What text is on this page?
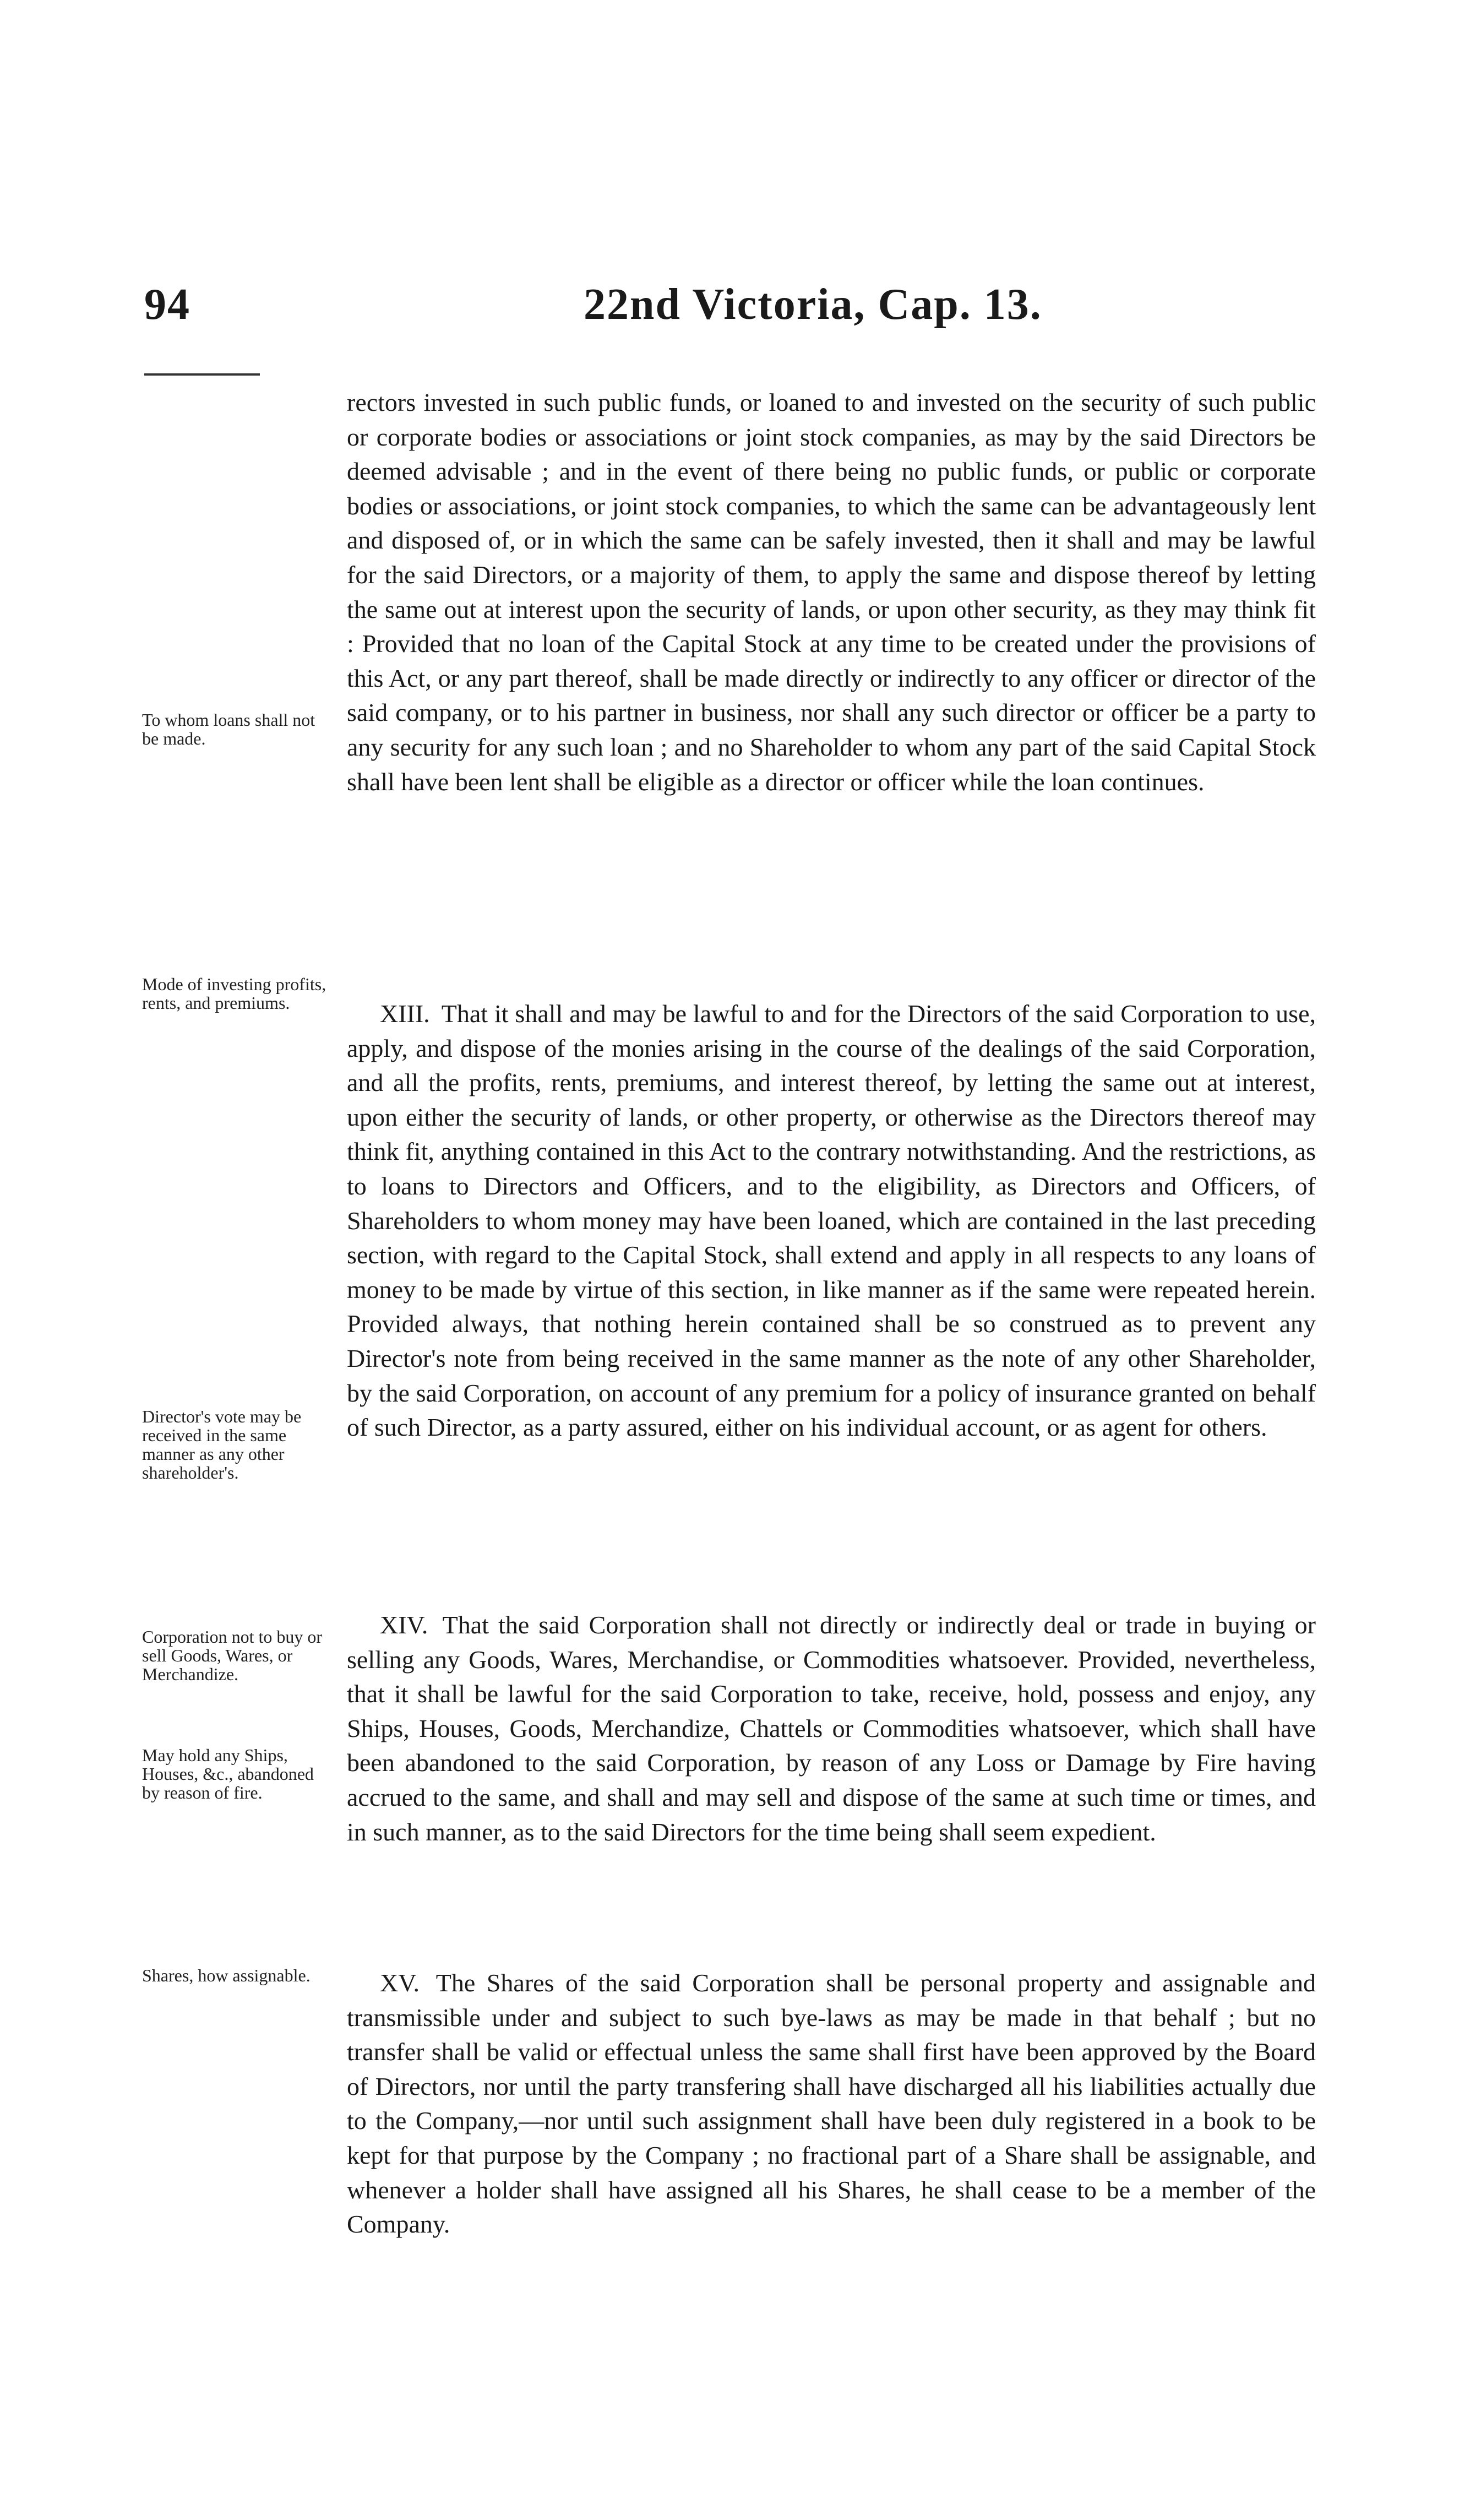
94	22nd Victoria, Cap. 13.

rectors invested in such public funds, or loaned to and invested on the security of such public or corporate bodies or associations or joint stock companies, as may by the said Directors be deemed advisable ; and in the event of there being no public funds, or public or corporate bodies or associations, or joint stock companies, to which the same can be advantageously lent and disposed of, or in which the same can be safely invested, then it shall and may be lawful for the said Directors, or a majority of them, to apply the same and dispose thereof by letting the same out at interest upon the security of lands, or upon other security, as they may think fit : Provided that no loan of the Capital Stock at any time to be created under the provisions of this Act, or any part thereof, shall be made directly or indirectly to any officer or director of the said company, or to his partner in business, nor shall any such director or officer be a party to any security for any such loan ; and no Shareholder to whom any part of the said Capital Stock shall have been lent shall be eligible as a director or officer while the loan continues.

To whom loans shall not be made.
Mode of investing profits, rents, and premiums.	XIII. That it shall and may be lawful to and for the Directors of the said Corporation to use, apply, and dispose of the monies arising in the course of the dealings of the said Corporation, and all the profits, rents, premiums, and interest thereof, by letting the same out at interest, upon either the security of lands, or other property, or otherwise as the Directors thereof may think fit, anything contained in this Act to the contrary notwithstanding. And the restrictions, as to loans to Directors and Officers, and to the eligibility, as Directors and Officers, of Shareholders to whom money may have been loaned, which are contained in the last preceding section, with regard to the Capital Stock, shall extend and apply in all respects to any loans of money to be made by virtue of this section, in like manner as if the same were repeated herein. Provided always, that nothing herein contained shall be so construed as to prevent any Director's note from being received in the same manner as the note of any other Shareholder, by the said Corporation, on account of any premium for a policy of insurance granted on behalf of such Director, as a party assured, either on his individual account, or as agent for others.

Director's vote may be received in the same manner as any other shareholder's.
Corporation not to buy or sell Goods, Wares, or Merchandize.
May hold any Ships, Houses, &c., abandoned by reason of fire.

XIV. That the said Corporation shall not directly or indirectly deal or trade in buying or selling any Goods, Wares, Merchandise, or Commodities whatsoever. Provided, nevertheless, that it shall be lawful for the said Corporation to take, receive, hold, possess and enjoy, any Ships, Houses, Goods, Merchandize, Chattels or Commodities whatsoever, which shall have been abandoned to the said Corporation, by reason of any Loss or Damage by Fire having accrued to the same, and shall and may sell and dispose of the same at such time or times, and in such manner, as to the said Directors for the time being shall seem expedient.

Shares, how assignable.	XV. The Shares of the said Corporation shall be personal property and assignable and transmissible under and subject to such bye-laws as may be made in that behalf ; but no transfer shall be valid or effectual unless the same shall first have been approved by the Board of Directors, nor until the party transfering shall have discharged all his liabilities actually due to the Company,—nor until such assignment shall have been duly registered in a book to be kept for that purpose by the Company ; no fractional part of a Share shall be assignable, and whenever a holder shall have assigned all his Shares, he shall cease to be a member of the Company.
